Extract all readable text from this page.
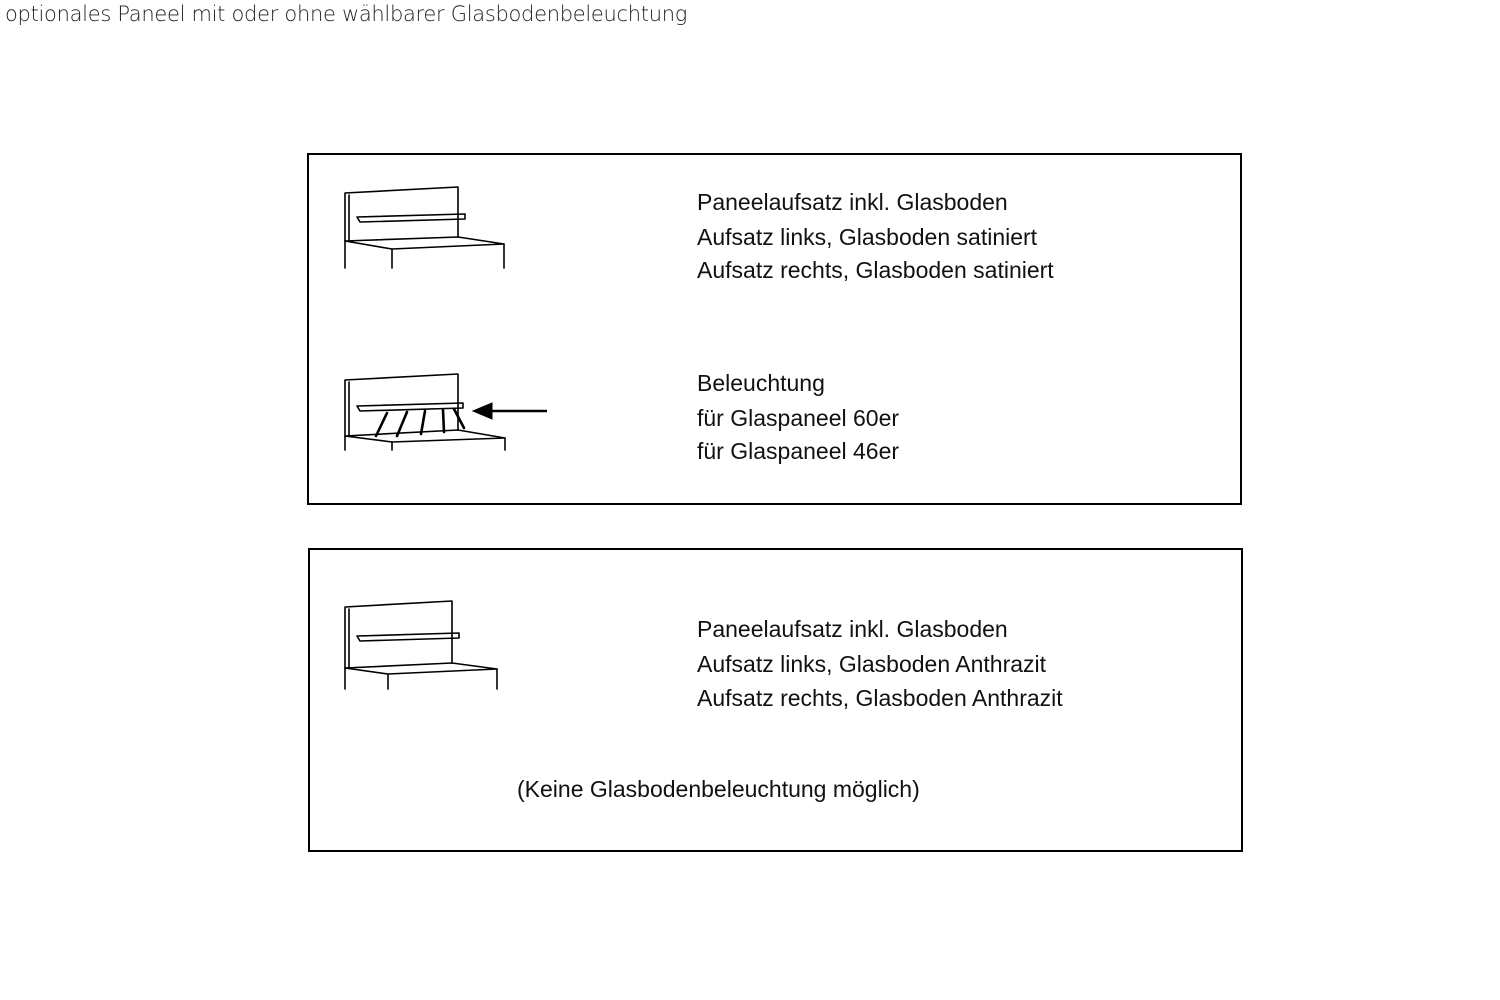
optionales Paneel mit oder ohne wählbarer Glasbodenbeleuchtung
Paneelaufsatz inkl. Glasboden
Aufsatz links, Glasboden satiniert
Aufsatz rechts, Glasboden satiniert
Beleuchtung
für Glaspaneel 60er
für Glaspaneel 46er
Paneelaufsatz inkl. Glasboden
Aufsatz links, Glasboden Anthrazit
Aufsatz rechts, Glasboden Anthrazit
(Keine Glasbodenbeleuchtung möglich)
